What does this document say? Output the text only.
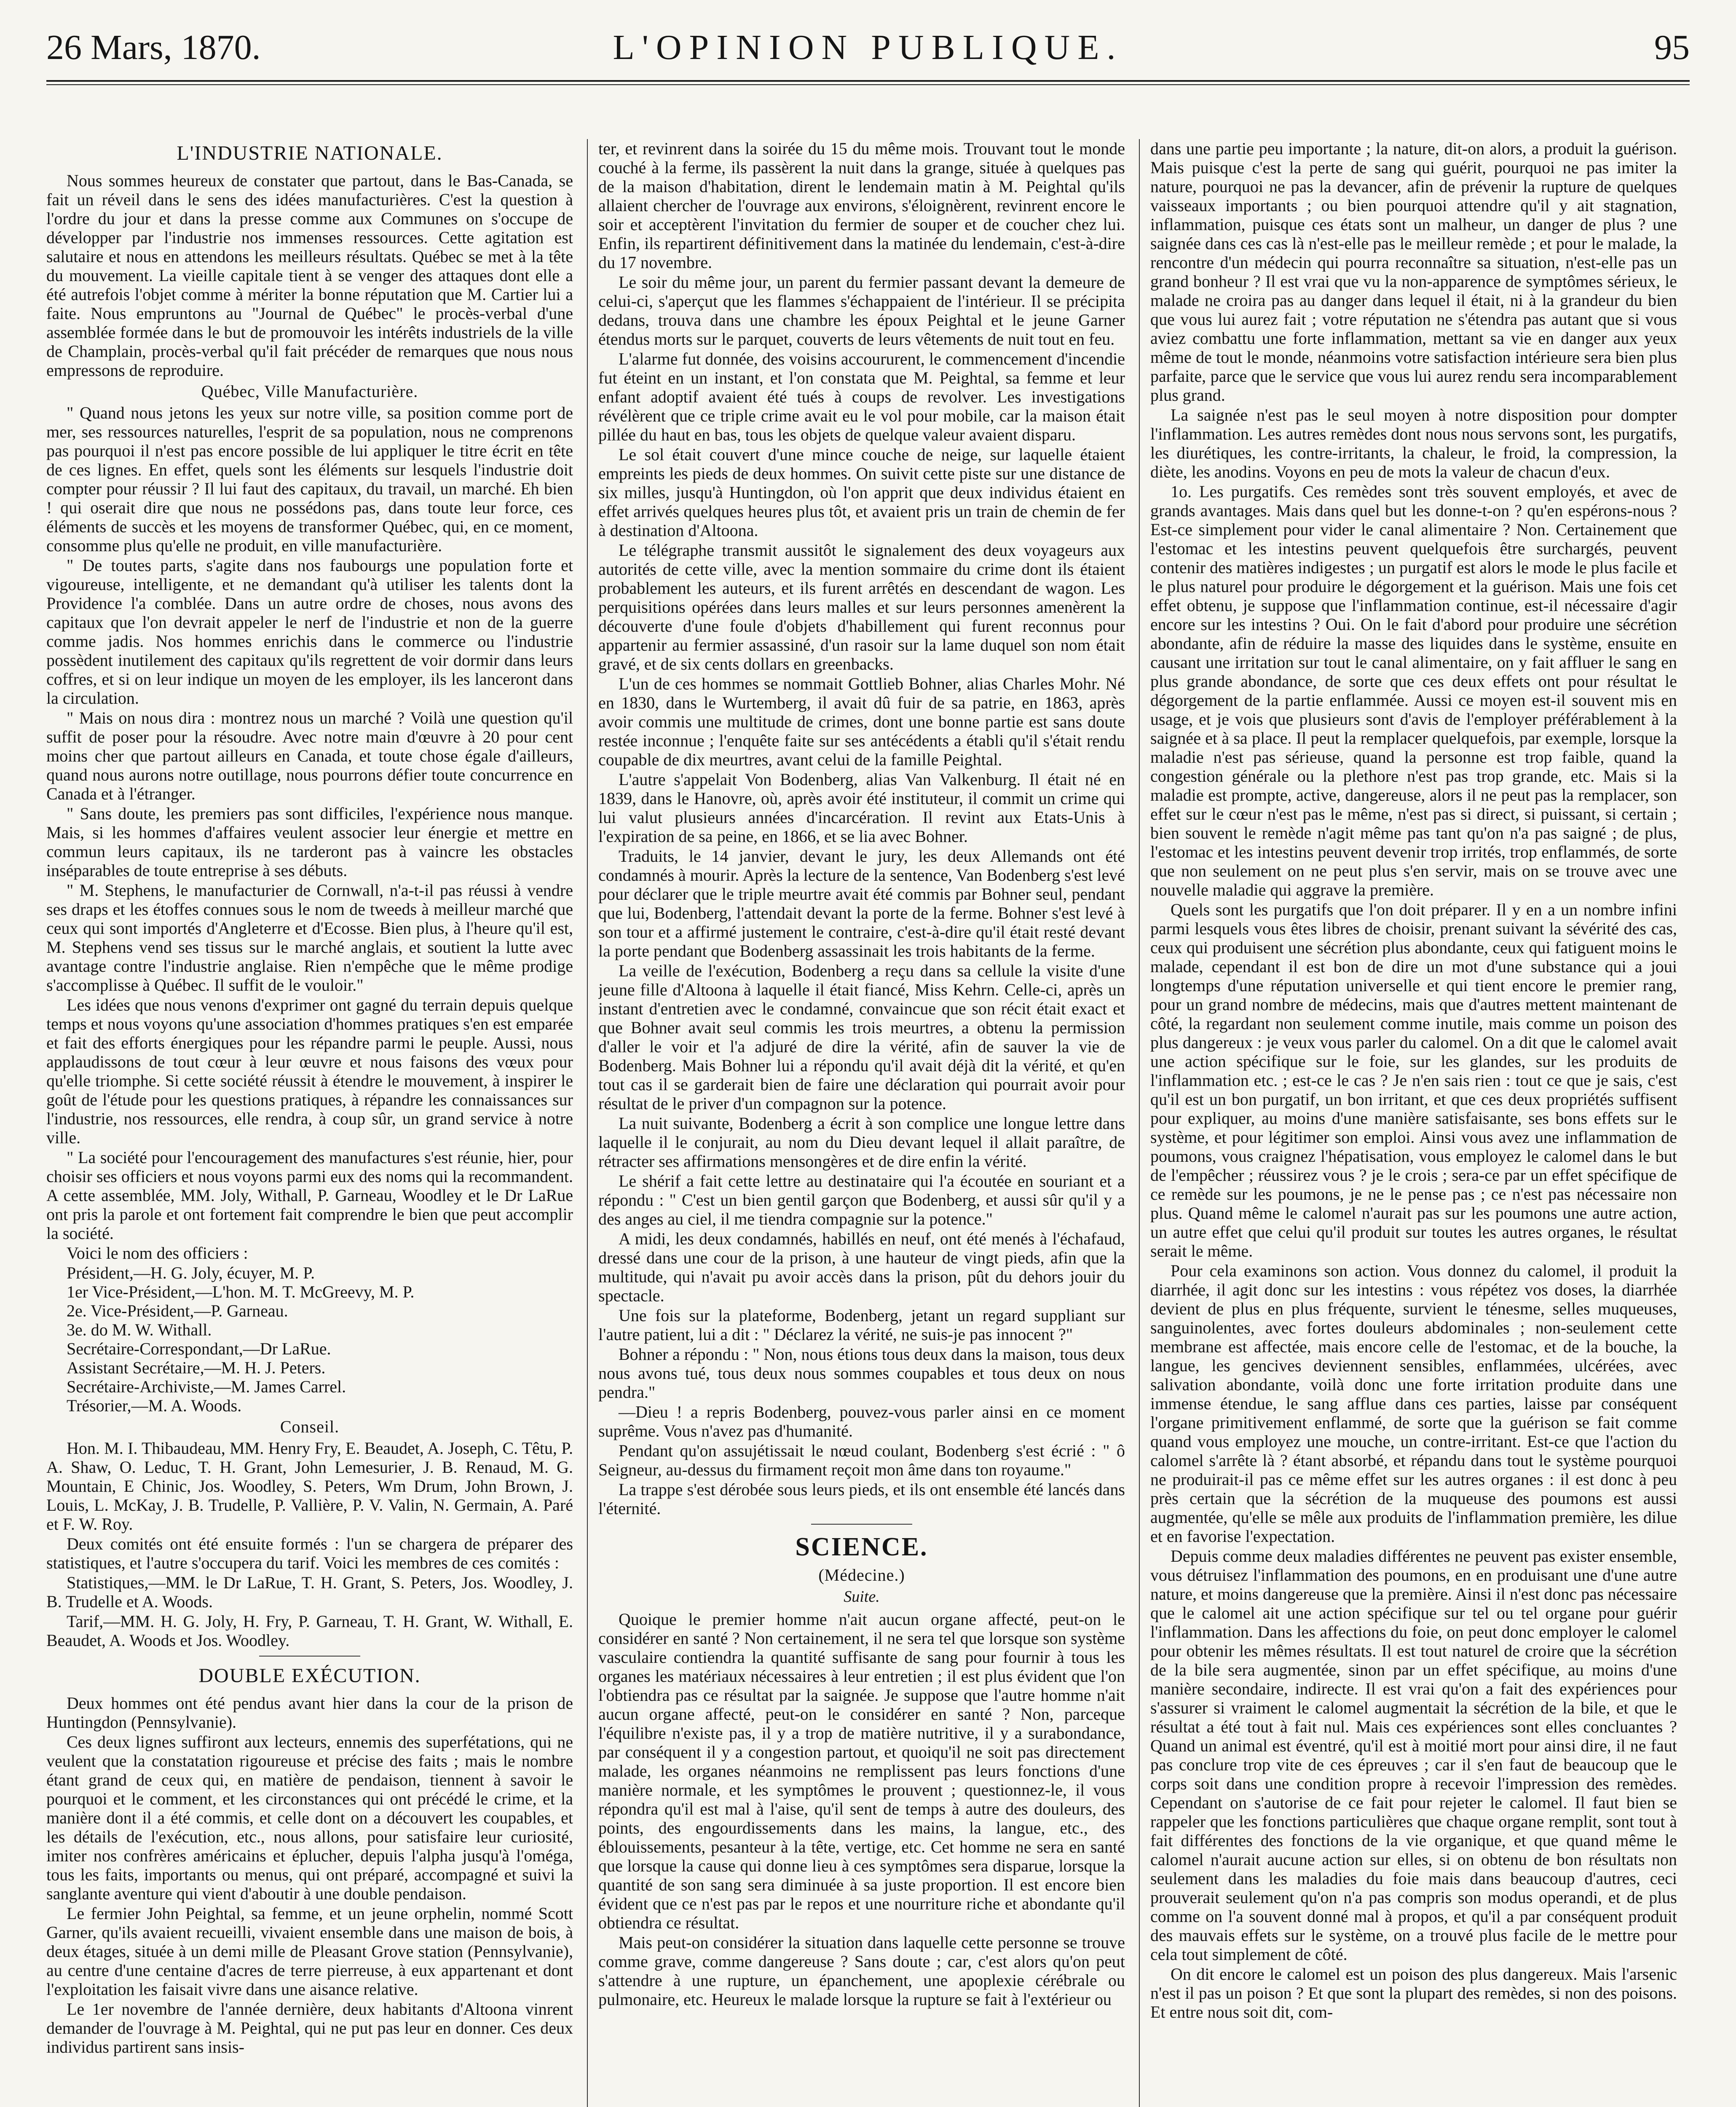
26 Mars, 1870.	L'OPINION PUBLIQUE.	95
L'INDUSTRIE NATIONALE.

Nous sommes heureux de constater que partout, dans le Bas-Canada, se fait un réveil dans le sens des idées manufacturières. C'est la question à l'ordre du jour et dans la presse comme aux Communes on s'occupe de développer par l'industrie nos immenses ressources. Cette agitation est salutaire et nous en attendons les meilleurs résultats. Québec se met à la tête du mouvement. La vieille capitale tient à se venger des attaques dont elle a été autrefois l'objet comme à mériter la bonne réputation que M. Cartier lui a faite. Nous empruntons au "Journal de Québec" le procès-verbal d'une assemblée formée dans le but de promouvoir les intérêts industriels de la ville de Champlain, procès-verbal qu'il fait précéder de remarques que nous nous empressons de reproduire.

Québec, Ville Manufacturière.

" Quand nous jetons les yeux sur notre ville, sa position comme port de mer, ses ressources naturelles, l'esprit de sa population, nous ne comprenons pas pourquoi il n'est pas encore possible de lui appliquer le titre écrit en tête de ces lignes. En effet, quels sont les éléments sur lesquels l'industrie doit compter pour réussir ? Il lui faut des capitaux, du travail, un marché. Eh bien ! qui oserait dire que nous ne possédons pas, dans toute leur force, ces éléments de succès et les moyens de transformer Québec, qui, en ce moment, consomme plus qu'elle ne produit, en ville manufacturière.

" De toutes parts, s'agite dans nos faubourgs une population forte et vigoureuse, intelligente, et ne demandant qu'à utiliser les talents dont la Providence l'a comblée. Dans un autre ordre de choses, nous avons des capitaux que l'on devrait appeler le nerf de l'industrie et non de la guerre comme jadis. Nos hommes enrichis dans le commerce ou l'industrie possèdent inutilement des capitaux qu'ils regrettent de voir dormir dans leurs coffres, et si on leur indique un moyen de les employer, ils les lanceront dans la circulation.

" Mais on nous dira : montrez nous un marché ? Voilà une question qu'il suffit de poser pour la résoudre. Avec notre main d'œuvre à 20 pour cent moins cher que partout ailleurs en Canada, et toute chose égale d'ailleurs, quand nous aurons notre outillage, nous pourrons défier toute concurrence en Canada et à l'étranger.

" Sans doute, les premiers pas sont difficiles, l'expérience nous manque. Mais, si les hommes d'affaires veulent associer leur énergie et mettre en commun leurs capitaux, ils ne tarderont pas à vaincre les obstacles inséparables de toute entreprise à ses débuts.

" M. Stephens, le manufacturier de Cornwall, n'a-t-il pas réussi à vendre ses draps et les étoffes connues sous le nom de tweeds à meilleur marché que ceux qui sont importés d'Angleterre et d'Ecosse. Bien plus, à l'heure qu'il est, M. Stephens vend ses tissus sur le marché anglais, et soutient la lutte avec avantage contre l'industrie anglaise. Rien n'empêche que le même prodige s'accomplisse à Québec. Il suffit de le vouloir."

Les idées que nous venons d'exprimer ont gagné du terrain depuis quelque temps et nous voyons qu'une association d'hommes pratiques s'en est emparée et fait des efforts énergiques pour les répandre parmi le peuple. Aussi, nous applaudissons de tout cœur à leur œuvre et nous faisons des vœux pour qu'elle triomphe. Si cette société réussit à étendre le mouvement, à inspirer le goût de l'étude pour les questions pratiques, à répandre les connaissances sur l'industrie, nos ressources, elle rendra, à coup sûr, un grand service à notre ville.

" La société pour l'encouragement des manufactures s'est réunie, hier, pour choisir ses officiers et nous voyons parmi eux des noms qui la recommandent. A cette assemblée, MM. Joly, Withall, P. Garneau, Woodley et le Dr LaRue ont pris la parole et ont fortement fait comprendre le bien que peut accomplir la société.

Voici le nom des officiers :

Président,—H. G. Joly, écuyer, M. P.
1er Vice-Président,—L'hon. M. T. McGreevy, M. P.
2e. Vice-Président,—P. Garneau.
3e. do M. W. Withall.
Secrétaire-Correspondant,—Dr LaRue.
Assistant Secrétaire,—M. H. J. Peters.
Secrétaire-Archiviste,—M. James Carrel.
Trésorier,—M. A. Woods.
Conseil.

Hon. M. I. Thibaudeau, MM. Henry Fry, E. Beaudet, A. Joseph, C. Têtu, P. A. Shaw, O. Leduc, T. H. Grant, John Lemesurier, J. B. Renaud, M. G. Mountain, E Chinic, Jos. Woodley, S. Peters, Wm Drum, John Brown, J. Louis, L. McKay, J. B. Trudelle, P. Vallière, P. V. Valin, N. Germain, A. Paré et F. W. Roy.

Deux comités ont été ensuite formés : l'un se chargera de préparer des statistiques, et l'autre s'occupera du tarif. Voici les membres de ces comités :

Statistiques,—MM. le Dr LaRue, T. H. Grant, S. Peters, Jos. Woodley, J. B. Trudelle et A. Woods.

Tarif,—MM. H. G. Joly, H. Fry, P. Garneau, T. H. Grant, W. Withall, E. Beaudet, A. Woods et Jos. Woodley.

DOUBLE EXÉCUTION.

Deux hommes ont été pendus avant hier dans la cour de la prison de Huntingdon (Pennsylvanie).

Ces deux lignes suffiront aux lecteurs, ennemis des superfétations, qui ne veulent que la constatation rigoureuse et précise des faits ; mais le nombre étant grand de ceux qui, en matière de pendaison, tiennent à savoir le pourquoi et le comment, et les circonstances qui ont précédé le crime, et la manière dont il a été commis, et celle dont on a découvert les coupables, et les détails de l'exécution, etc., nous allons, pour satisfaire leur curiosité, imiter nos confrères américains et éplucher, depuis l'alpha jusqu'à l'oméga, tous les faits, importants ou menus, qui ont préparé, accompagné et suivi la sanglante aventure qui vient d'aboutir à une double pendaison.

Le fermier John Peightal, sa femme, et un jeune orphelin, nommé Scott Garner, qu'ils avaient recueilli, vivaient ensemble dans une maison de bois, à deux étages, située à un demi mille de Pleasant Grove station (Pennsylvanie), au centre d'une centaine d'acres de terre pierreuse, à eux appartenant et dont l'exploitation les faisait vivre dans une aisance relative.

Le 1er novembre de l'année dernière, deux habitants d'Altoona vinrent demander de l'ouvrage à M. Peightal, qui ne put pas leur en donner. Ces deux individus partirent sans insis-

ter, et revinrent dans la soirée du 15 du même mois. Trouvant tout le monde couché à la ferme, ils passèrent la nuit dans la grange, située à quelques pas de la maison d'habitation, dirent le lendemain matin à M. Peightal qu'ils allaient chercher de l'ouvrage aux environs, s'éloignèrent, revinrent encore le soir et acceptèrent l'invitation du fermier de souper et de coucher chez lui. Enfin, ils repartirent définitivement dans la matinée du lendemain, c'est-à-dire du 17 novembre.

Le soir du même jour, un parent du fermier passant devant la demeure de celui-ci, s'aperçut que les flammes s'échappaient de l'intérieur. Il se précipita dedans, trouva dans une chambre les époux Peightal et le jeune Garner étendus morts sur le parquet, couverts de leurs vêtements de nuit tout en feu.

L'alarme fut donnée, des voisins accoururent, le commencement d'incendie fut éteint en un instant, et l'on constata que M. Peightal, sa femme et leur enfant adoptif avaient été tués à coups de revolver. Les investigations révélèrent que ce triple crime avait eu le vol pour mobile, car la maison était pillée du haut en bas, tous les objets de quelque valeur avaient disparu.

Le sol était couvert d'une mince couche de neige, sur laquelle étaient empreints les pieds de deux hommes. On suivit cette piste sur une distance de six milles, jusqu'à Huntingdon, où l'on apprit que deux individus étaient en effet arrivés quelques heures plus tôt, et avaient pris un train de chemin de fer à destination d'Altoona.

Le télégraphe transmit aussitôt le signalement des deux voyageurs aux autorités de cette ville, avec la mention sommaire du crime dont ils étaient probablement les auteurs, et ils furent arrêtés en descendant de wagon. Les perquisitions opérées dans leurs malles et sur leurs personnes amenèrent la découverte d'une foule d'objets d'habillement qui furent reconnus pour appartenir au fermier assassiné, d'un rasoir sur la lame duquel son nom était gravé, et de six cents dollars en greenbacks.

L'un de ces hommes se nommait Gottlieb Bohner, alias Charles Mohr. Né en 1830, dans le Wurtemberg, il avait dû fuir de sa patrie, en 1863, après avoir commis une multitude de crimes, dont une bonne partie est sans doute restée inconnue ; l'enquête faite sur ses antécédents a établi qu'il s'était rendu coupable de dix meurtres, avant celui de la famille Peightal.

L'autre s'appelait Von Bodenberg, alias Van Valkenburg. Il était né en 1839, dans le Hanovre, où, après avoir été instituteur, il commit un crime qui lui valut plusieurs années d'incarcération. Il revint aux Etats-Unis à l'expiration de sa peine, en 1866, et se lia avec Bohner.

Traduits, le 14 janvier, devant le jury, les deux Allemands ont été condamnés à mourir. Après la lecture de la sentence, Van Bodenberg s'est levé pour déclarer que le triple meurtre avait été commis par Bohner seul, pendant que lui, Bodenberg, l'attendait devant la porte de la ferme. Bohner s'est levé à son tour et a affirmé justement le contraire, c'est-à-dire qu'il était resté devant la porte pendant que Bodenberg assassinait les trois habitants de la ferme.

La veille de l'exécution, Bodenberg a reçu dans sa cellule la visite d'une jeune fille d'Altoona à laquelle il était fiancé, Miss Kehrn. Celle-ci, après un instant d'entretien avec le condamné, convaincue que son récit était exact et que Bohner avait seul commis les trois meurtres, a obtenu la permission d'aller le voir et l'a adjuré de dire la vérité, afin de sauver la vie de Bodenberg. Mais Bohner lui a répondu qu'il avait déjà dit la vérité, et qu'en tout cas il se garderait bien de faire une déclaration qui pourrait avoir pour résultat de le priver d'un compagnon sur la potence.

La nuit suivante, Bodenberg a écrit à son complice une longue lettre dans laquelle il le conjurait, au nom du Dieu devant lequel il allait paraître, de rétracter ses affirmations mensongères et de dire enfin la vérité.

Le shérif a fait cette lettre au destinataire qui l'a écoutée en souriant et a répondu : " C'est un bien gentil garçon que Bodenberg, et aussi sûr qu'il y a des anges au ciel, il me tiendra compagnie sur la potence."

A midi, les deux condamnés, habillés en neuf, ont été menés à l'échafaud, dressé dans une cour de la prison, à une hauteur de vingt pieds, afin que la multitude, qui n'avait pu avoir accès dans la prison, pût du dehors jouir du spectacle.

Une fois sur la plateforme, Bodenberg, jetant un regard suppliant sur l'autre patient, lui a dit : " Déclarez la vérité, ne suis-je pas innocent ?"

Bohner a répondu : " Non, nous étions tous deux dans la maison, tous deux nous avons tué, tous deux nous sommes coupables et tous deux on nous pendra."

—Dieu ! a repris Bodenberg, pouvez-vous parler ainsi en ce moment suprême. Vous n'avez pas d'humanité.

Pendant qu'on assujétissait le nœud coulant, Bodenberg s'est écrié : " ô Seigneur, au-dessus du firmament reçoit mon âme dans ton royaume."

La trappe s'est dérobée sous leurs pieds, et ils ont ensemble été lancés dans l'éternité.

SCIENCE.
(Médecine.)
Suite.

Quoique le premier homme n'ait aucun organe affecté, peut-on le considérer en santé ? Non certainement, il ne sera tel que lorsque son système vasculaire contiendra la quantité suffisante de sang pour fournir à tous les organes les matériaux nécessaires à leur entretien ; il est plus évident que l'on l'obtiendra pas ce résultat par la saignée. Je suppose que l'autre homme n'ait aucun organe affecté, peut-on le considérer en santé ? Non, parceque l'équilibre n'existe pas, il y a trop de matière nutritive, il y a surabondance, par conséquent il y a congestion partout, et quoiqu'il ne soit pas directement malade, les organes néanmoins ne remplissent pas leurs fonctions d'une manière normale, et les symptômes le prouvent ; questionnez-le, il vous répondra qu'il est mal à l'aise, qu'il sent de temps à autre des douleurs, des points, des engourdissements dans les mains, la langue, etc., des éblouissements, pesanteur à la tête, vertige, etc. Cet homme ne sera en santé que lorsque la cause qui donne lieu à ces symptômes sera disparue, lorsque la quantité de son sang sera diminuée à sa juste proportion. Il est encore bien évident que ce n'est pas par le repos et une nourriture riche et abondante qu'il obtiendra ce résultat.

Mais peut-on considérer la situation dans laquelle cette personne se trouve comme grave, comme dangereuse ? Sans doute ; car, c'est alors qu'on peut s'attendre à une rupture, un épanchement, une apoplexie cérébrale ou pulmonaire, etc. Heureux le malade lorsque la rupture se fait à l'extérieur ou

dans une partie peu importante ; la nature, dit-on alors, a produit la guérison. Mais puisque c'est la perte de sang qui guérit, pourquoi ne pas imiter la nature, pourquoi ne pas la devancer, afin de prévenir la rupture de quelques vaisseaux importants ; ou bien pourquoi attendre qu'il y ait stagnation, inflammation, puisque ces états sont un malheur, un danger de plus ? une saignée dans ces cas là n'est-elle pas le meilleur remède ; et pour le malade, la rencontre d'un médecin qui pourra reconnaître sa situation, n'est-elle pas un grand bonheur ? Il est vrai que vu la non-apparence de symptômes sérieux, le malade ne croira pas au danger dans lequel il était, ni à la grandeur du bien que vous lui aurez fait ; votre réputation ne s'étendra pas autant que si vous aviez combattu une forte inflammation, mettant sa vie en danger aux yeux même de tout le monde, néanmoins votre satisfaction intérieure sera bien plus parfaite, parce que le service que vous lui aurez rendu sera incomparablement plus grand.

La saignée n'est pas le seul moyen à notre disposition pour dompter l'inflammation. Les autres remèdes dont nous nous servons sont, les purgatifs, les diurétiques, les contre-irritants, la chaleur, le froid, la compression, la diète, les anodins. Voyons en peu de mots la valeur de chacun d'eux.

1o. Les purgatifs. Ces remèdes sont très souvent employés, et avec de grands avantages. Mais dans quel but les donne-t-on ? qu'en espérons-nous ? Est-ce simplement pour vider le canal alimentaire ? Non. Certainement que l'estomac et les intestins peuvent quelquefois être surchargés, peuvent contenir des matières indigestes ; un purgatif est alors le mode le plus facile et le plus naturel pour produire le dégorgement et la guérison. Mais une fois cet effet obtenu, je suppose que l'inflammation continue, est-il nécessaire d'agir encore sur les intestins ? Oui. On le fait d'abord pour produire une sécrétion abondante, afin de réduire la masse des liquides dans le système, ensuite en causant une irritation sur tout le canal alimentaire, on y fait affluer le sang en plus grande abondance, de sorte que ces deux effets ont pour résultat le dégorgement de la partie enflammée. Aussi ce moyen est-il souvent mis en usage, et je vois que plusieurs sont d'avis de l'employer préférablement à la saignée et à sa place. Il peut la remplacer quelquefois, par exemple, lorsque la maladie n'est pas sérieuse, quand la personne est trop faible, quand la congestion générale ou la plethore n'est pas trop grande, etc. Mais si la maladie est prompte, active, dangereuse, alors il ne peut pas la remplacer, son effet sur le cœur n'est pas le même, n'est pas si direct, si puissant, si certain ; bien souvent le remède n'agit même pas tant qu'on n'a pas saigné ; de plus, l'estomac et les intestins peuvent devenir trop irrités, trop enflammés, de sorte que non seulement on ne peut plus s'en servir, mais on se trouve avec une nouvelle maladie qui aggrave la première.

Quels sont les purgatifs que l'on doit préparer. Il y en a un nombre infini parmi lesquels vous êtes libres de choisir, prenant suivant la sévérité des cas, ceux qui produisent une sécrétion plus abondante, ceux qui fatiguent moins le malade, cependant il est bon de dire un mot d'une substance qui a joui longtemps d'une réputation universelle et qui tient encore le premier rang, pour un grand nombre de médecins, mais que d'autres mettent maintenant de côté, la regardant non seulement comme inutile, mais comme un poison des plus dangereux : je veux vous parler du calomel. On a dit que le calomel avait une action spécifique sur le foie, sur les glandes, sur les produits de l'inflammation etc. ; est-ce le cas ? Je n'en sais rien : tout ce que je sais, c'est qu'il est un bon purgatif, un bon irritant, et que ces deux propriétés suffisent pour expliquer, au moins d'une manière satisfaisante, ses bons effets sur le système, et pour légitimer son emploi. Ainsi vous avez une inflammation de poumons, vous craignez l'hépatisation, vous employez le calomel dans le but de l'empêcher ; réussirez vous ? je le crois ; sera-ce par un effet spécifique de ce remède sur les poumons, je ne le pense pas ; ce n'est pas nécessaire non plus. Quand même le calomel n'aurait pas sur les poumons une autre action, un autre effet que celui qu'il produit sur toutes les autres organes, le résultat serait le même.

Pour cela examinons son action. Vous donnez du calomel, il produit la diarrhée, il agit donc sur les intestins : vous répétez vos doses, la diarrhée devient de plus en plus fréquente, survient le ténesme, selles muqueuses, sanguinolentes, avec fortes douleurs abdominales ; non-seulement cette membrane est affectée, mais encore celle de l'estomac, et de la bouche, la langue, les gencives deviennent sensibles, enflammées, ulcérées, avec salivation abondante, voilà donc une forte irritation produite dans une immense étendue, le sang afflue dans ces parties, laisse par conséquent l'organe primitivement enflammé, de sorte que la guérison se fait comme quand vous employez une mouche, un contre-irritant. Est-ce que l'action du calomel s'arrête là ? étant absorbé, et répandu dans tout le système pourquoi ne produirait-il pas ce même effet sur les autres organes : il est donc à peu près certain que la sécrétion de la muqueuse des poumons est aussi augmentée, qu'elle se mêle aux produits de l'inflammation première, les dilue et en favorise l'expectation.

Depuis comme deux maladies différentes ne peuvent pas exister ensemble, vous détruisez l'inflammation des poumons, en en produisant une d'une autre nature, et moins dangereuse que la première. Ainsi il n'est donc pas nécessaire que le calomel ait une action spécifique sur tel ou tel organe pour guérir l'inflammation. Dans les affections du foie, on peut donc employer le calomel pour obtenir les mêmes résultats. Il est tout naturel de croire que la sécrétion de la bile sera augmentée, sinon par un effet spécifique, au moins d'une manière secondaire, indirecte. Il est vrai qu'on a fait des expériences pour s'assurer si vraiment le calomel augmentait la sécrétion de la bile, et que le résultat a été tout à fait nul. Mais ces expériences sont elles concluantes ? Quand un animal est éventré, qu'il est à moitié mort pour ainsi dire, il ne faut pas conclure trop vite de ces épreuves ; car il s'en faut de beaucoup que le corps soit dans une condition propre à recevoir l'impression des remèdes. Cependant on s'autorise de ce fait pour rejeter le calomel. Il faut bien se rappeler que les fonctions particulières que chaque organe remplit, sont tout à fait différentes des fonctions de la vie organique, et que quand même le calomel n'aurait aucune action sur elles, si on obtenu de bon résultats non seulement dans les maladies du foie mais dans beaucoup d'autres, ceci prouverait seulement qu'on n'a pas compris son modus operandi, et de plus comme on l'a souvent donné mal à propos, et qu'il a par conséquent produit des mauvais effets sur le système, on a trouvé plus facile de le mettre pour cela tout simplement de côté.

On dit encore le calomel est un poison des plus dangereux. Mais l'arsenic n'est il pas un poison ? Et que sont la plupart des remèdes, si non des poisons. Et entre nous soit dit, com-
